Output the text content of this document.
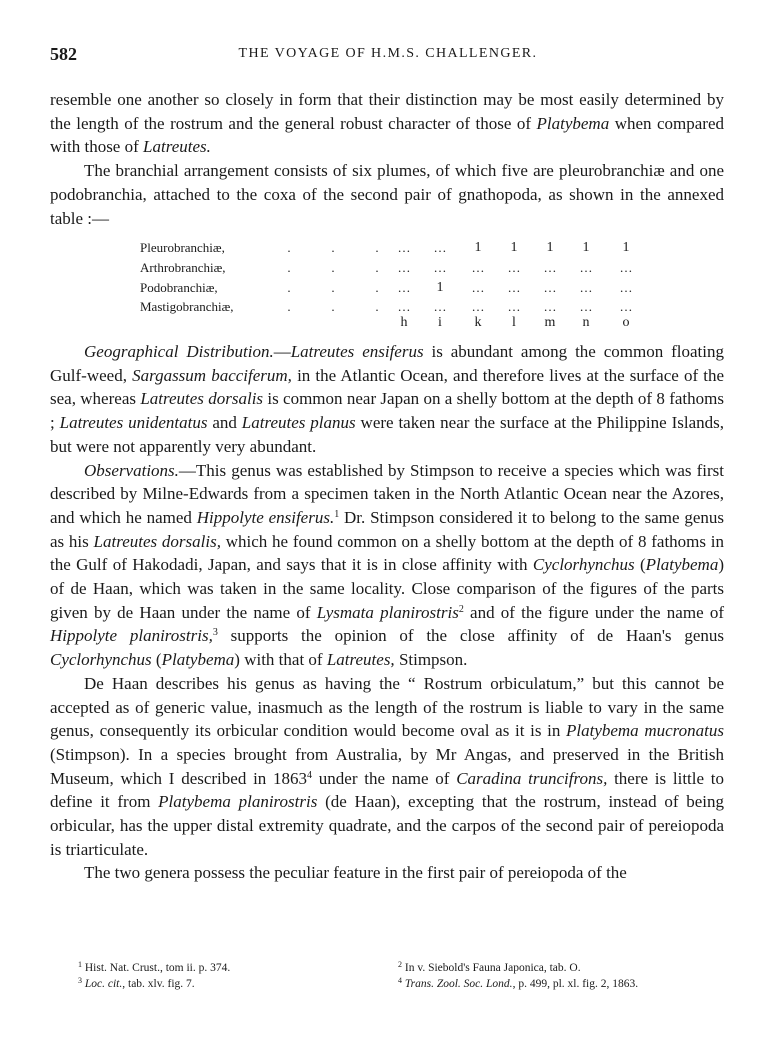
582	THE VOYAGE OF H.M.S. CHALLENGER.

resemble one another so closely in form that their distinction may be most easily determined by the length of the rostrum and the general robust character of those of Platybema when compared with those of Latreutes.

The branchial arrangement consists of six plumes, of which five are pleurobranchiæ and one podobranchia, attached to the coxa of the second pair of gnathopoda, as shown in the annexed table :—

Pleurobranchiæ,	.	.	.	…	…	1	1	1	1	1
Arthrobranchiæ,	.	.	.	…	…	…	…	…	…	…
Podobranchiæ,	.	.	.	…	1	…	…	…	…	…
Mastigobranchiæ,	.	.	.	…	…	…	…	…	…	…
h	i	k	l	m	n	o

Geographical Distribution.—Latreutes ensiferus is abundant among the common floating Gulf-weed, Sargassum bacciferum, in the Atlantic Ocean, and therefore lives at the surface of the sea, whereas Latreutes dorsalis is common near Japan on a shelly bottom at the depth of 8 fathoms ; Latreutes unidentatus and Latreutes planus were taken near the surface at the Philippine Islands, but were not apparently very abundant.

Observations.—This genus was established by Stimpson to receive a species which was first described by Milne-Edwards from a specimen taken in the North Atlantic Ocean near the Azores, and which he named Hippolyte ensiferus.$^1$ Dr. Stimpson considered it to belong to the same genus as his Latreutes dorsalis, which he found common on a shelly bottom at the depth of 8 fathoms in the Gulf of Hakodadi, Japan, and says that it is in close affinity with Cyclorhynchus (Platybema) of de Haan, which was taken in the same locality. Close comparison of the figures of the parts given by de Haan under the name of Lysmata planirostris$^2$ and of the figure under the name of Hippolyte planirostris,$^3$ supports the opinion of the close affinity of de Haan's genus Cyclorhynchus (Platybema) with that of Latreutes, Stimpson.

De Haan describes his genus as having the “ Rostrum orbiculatum,” but this cannot be accepted as of generic value, inasmuch as the length of the rostrum is liable to vary in the same genus, consequently its orbicular condition would become oval as it is in Platybema mucronatus (Stimpson). In a species brought from Australia, by Mr Angas, and preserved in the British Museum, which I described in 1863$^4$ under the name of Caradina truncifrons, there is little to define it from Platybema planirostris (de Haan), excepting that the rostrum, instead of being orbicular, has the upper distal extremity quadrate, and the carpos of the second pair of pereiopoda is triarticulate.

The two genera possess the peculiar feature in the first pair of pereiopoda of the

$^1$ Hist. Nat. Crust., tom ii. p. 374.	$^2$ In v. Siebold's Fauna Japonica, tab. O.
$^3$ Loc. cit., tab. xlv. fig. 7.	$^4$ Trans. Zool. Soc. Lond., p. 499, pl. xl. fig. 2, 1863.
